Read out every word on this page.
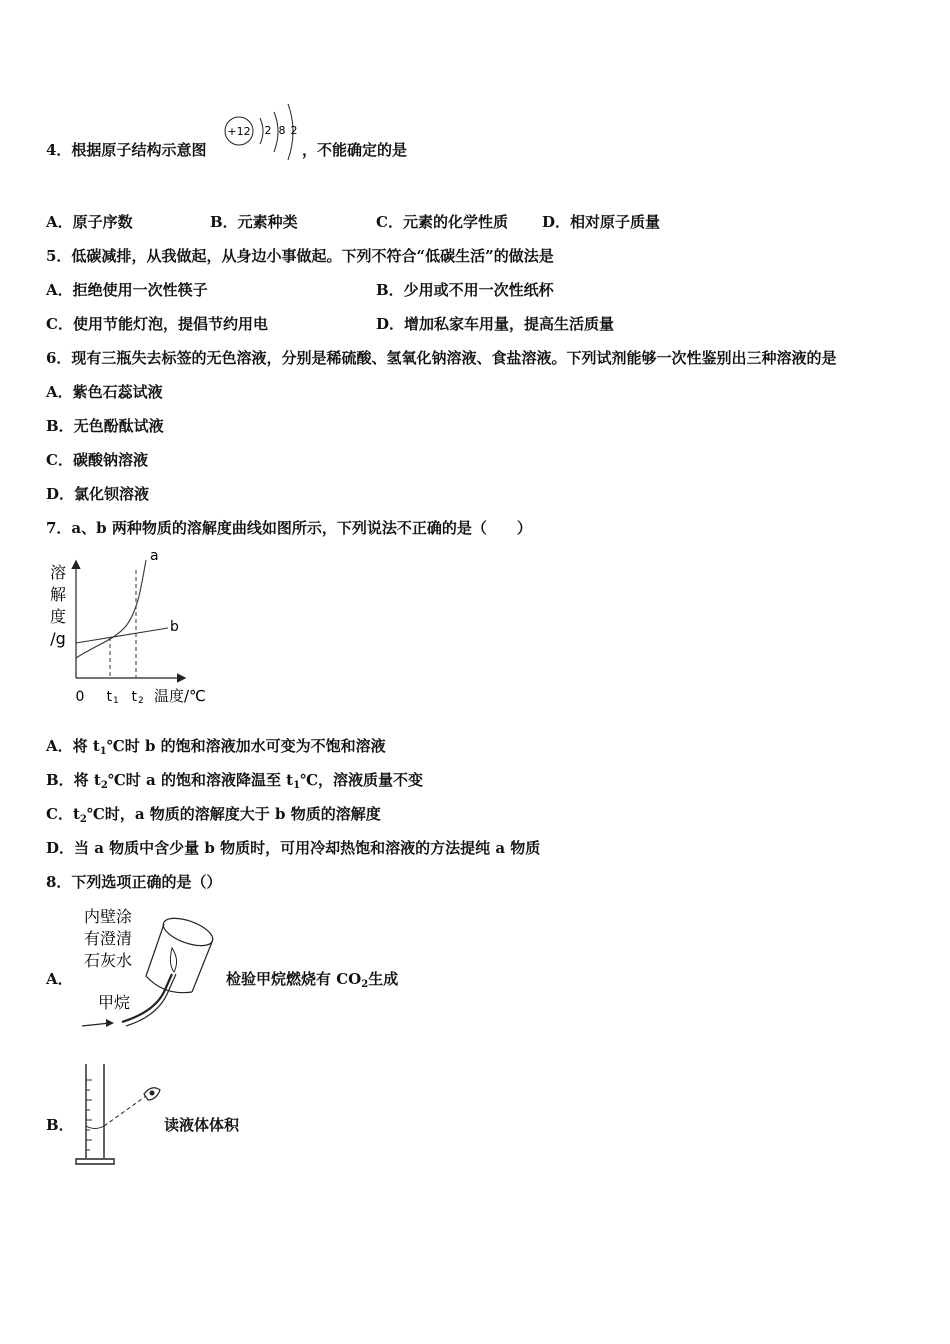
4．根据原子结构示意图
+12 2 8 2
，不能确定的是
A．原子序数	B．元素种类	C．元素的化学性质 D．相对原子质量
5．低碳减排，从我做起，从身边小事做起。下列不符合“低碳生活”的做法是
A．拒绝使用一次性筷子	B．少用或不用一次性纸杯
C．使用节能灯泡，提倡节约用电	D．增加私家车用量，提高生活质量
6．现有三瓶失去标签的无色溶液，分别是稀硫酸、氢氧化钠溶液、食盐溶液。下列试剂能够一次性鉴别出三种溶液的是
A．紫色石蕊试液
B．无色酚酞试液
C．碳酸钠溶液
D．氯化钡溶液
7．a、b 两种物质的溶解度曲线如图所示，下列说法不正确的是（　　）
溶
解
度
/g
a
b
0 t 1 t 2 温度/℃
A．将 $t_1℃$时 b 的饱和溶液加水可变为不饱和溶液
B．将 $t_2℃$时 a 的饱和溶液降温至 $t_1℃$，溶液质量不变
C．$t_2℃$时，a 物质的溶解度大于 b 物质的溶解度
D．当 a 物质中含少量 b 物质时，可用冷却热饱和溶液的方法提纯 a 物质
8．下列选项正确的是（）
A．
内壁涂
有澄清
石灰水
甲烷
检验甲烷燃烧有 $CO_2$生成
B．	读液体体积
